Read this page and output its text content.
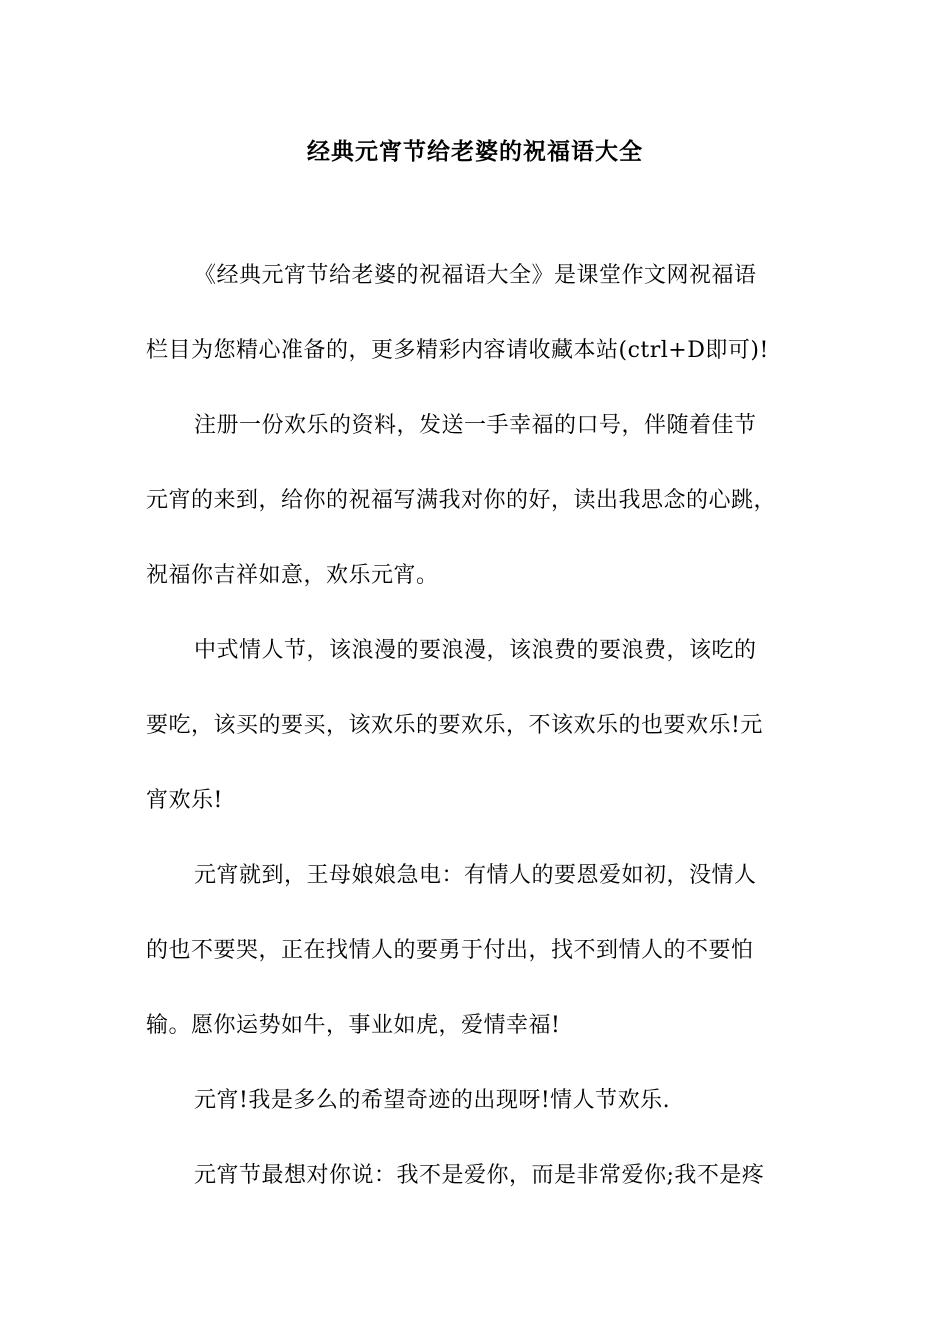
经典元宵节给老婆的祝福语大全
《经典元宵节给老婆的祝福语大全》是课堂作文网祝福语
栏目为您精心准备的，更多精彩内容请收藏本站(ctrl+D即可)!
注册一份欢乐的资料，发送一手幸福的口号，伴随着佳节
元宵的来到，给你的祝福写满我对你的好，读出我思念的心跳，
祝福你吉祥如意，欢乐元宵。
中式情人节，该浪漫的要浪漫，该浪费的要浪费，该吃的
要吃，该买的要买，该欢乐的要欢乐，不该欢乐的也要欢乐!元
宵欢乐!
元宵就到，王母娘娘急电：有情人的要恩爱如初，没情人
的也不要哭，正在找情人的要勇于付出，找不到情人的不要怕
输。愿你运势如牛，事业如虎，爱情幸福!
元宵!我是多么的希望奇迹的出现呀!情人节欢乐.
元宵节最想对你说：我不是爱你，而是非常爱你;我不是疼
